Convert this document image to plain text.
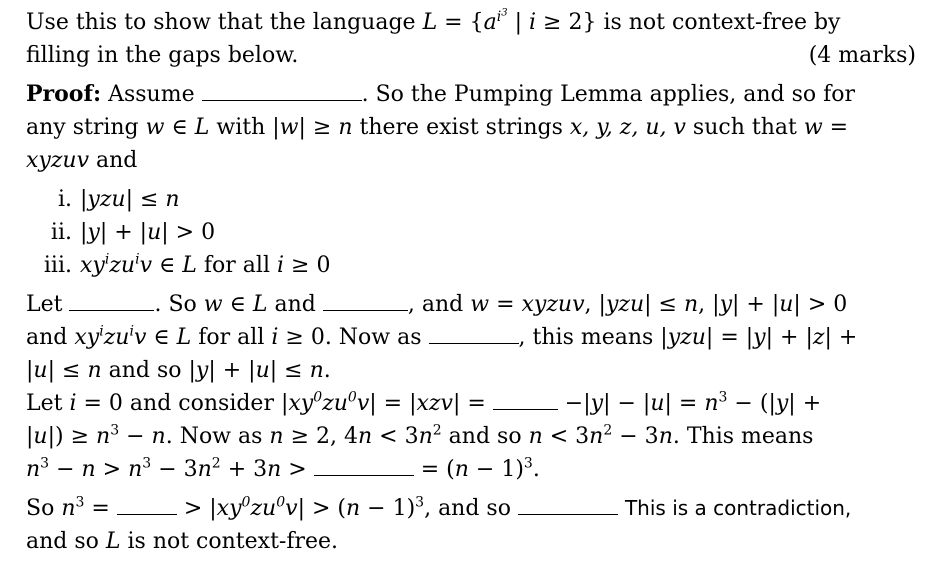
Use this to show that the language $L = \{a^{i^3}$ | i ≥ 2} is not context-free by
filling in the gaps below.	(4 marks)
Proof: Assume	. So the Pumping Lemma applies, and so for
any string w ∈ L with |w| ≥ n there exist strings x, y, z, u, v such that w =
xyzuv and
i. |yzu| ≤ n
ii. |y| + |u| > 0
iii. $xy^izu^iv$ ∈ L for all i ≥ 0
Let	. So w ∈ L and	, and w = xyzuv, |yzu| ≤ n, |y| + |u| > 0
and $xy^izu^iv$ ∈ L for all i ≥ 0. Now as	, this means |yzu| = |y| + |z| +
|u| ≤ n and so |y| + |u| ≤ n.
Let i = 0 and consider $|xy^0zu^0v| = |xzv|$ =	$-|y| - |u| = n^3 - (|y|$ +
$|u|) \ge n^3 - n$. Now as n ≥ 2, $4n < 3n^2$ and so $n < 3n^2 - 3n$. This means
$n^3 - n > n^3 - 3n^2 + 3n$ >	= $(n - 1)^3$.
So $n^3$ =	> $|xy^0zu^0v| > (n - 1)^3$, and so	This is a contradiction,
and so L is not context-free.
